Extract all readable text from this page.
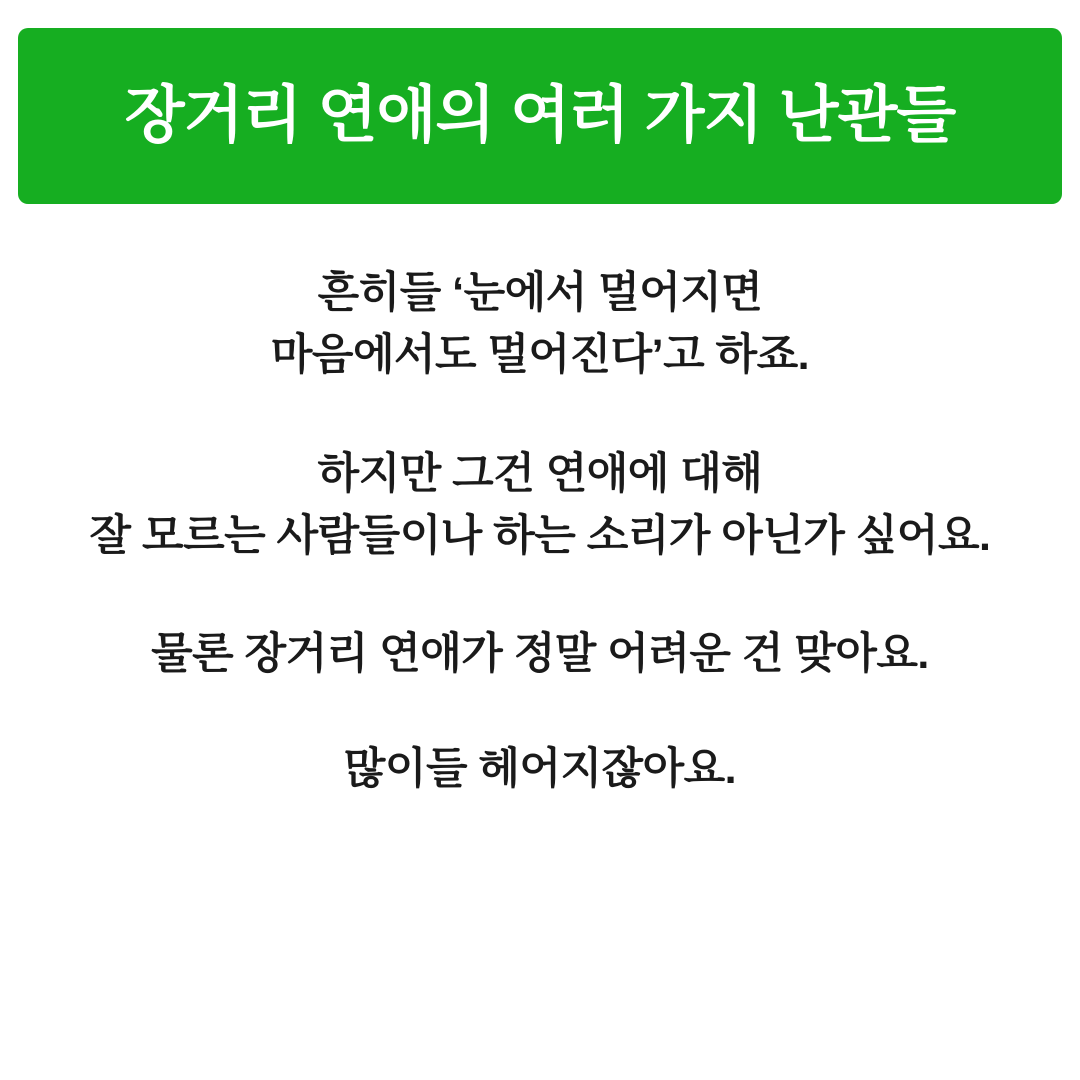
장거리 연애의 여러 가지 난관들

흔히들 ‘눈에서 멀어지면
마음에서도 멀어진다’고 하죠.

하지만 그건 연애에 대해
잘 모르는 사람들이나 하는 소리가 아닌가 싶어요.

물론 장거리 연애가 정말 어려운 건 맞아요.

많이들 헤어지잖아요.
